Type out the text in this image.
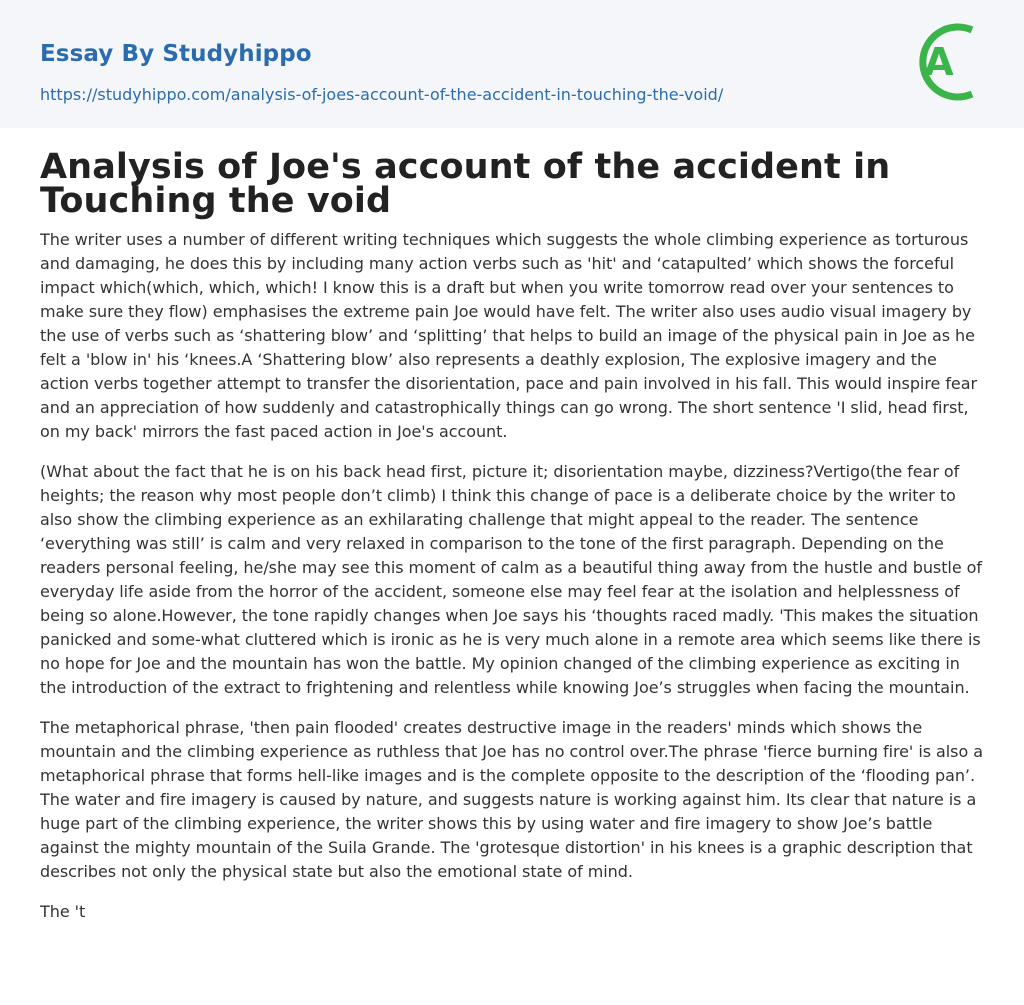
Essay By Studyhippo
https://studyhippo.com/analysis-of-joes-account-of-the-accident-in-touching-the-void/
A
Analysis of Joe's account of the accident in Touching the void

The writer uses a number of different writing techniques which suggests the whole climbing experience as torturous and damaging, he does this by including many action verbs such as 'hit' and ‘catapulted’ which shows the forceful impact which(which, which, which! I know this is a draft but when you write tomorrow read over your sentences to make sure they flow) emphasises the extreme pain Joe would have felt. The writer also uses audio visual imagery by the use of verbs such as ‘shattering blow’ and ‘splitting’ that helps to build an image of the physical pain in Joe as he felt a 'blow in' his ‘knees.A ‘Shattering blow’ also represents a deathly explosion, The explosive imagery and the action verbs together attempt to transfer the disorientation, pace and pain involved in his fall. This would inspire fear and an appreciation of how suddenly and catastrophically things can go wrong. The short sentence 'I slid, head first, on my back' mirrors the fast paced action in Joe's account.

(What about the fact that he is on his back head first, picture it; disorientation maybe, dizziness?Vertigo(the fear of heights; the reason why most people don’t climb) I think this change of pace is a deliberate choice by the writer to also show the climbing experience as an exhilarating challenge that might appeal to the reader. The sentence ‘everything was still’ is calm and very relaxed in comparison to the tone of the first paragraph. Depending on the readers personal feeling, he/she may see this moment of calm as a beautiful thing away from the hustle and bustle of everyday life aside from the horror of the accident, someone else may feel fear at the isolation and helplessness of being so alone.However, the tone rapidly changes when Joe says his ‘thoughts raced madly. 'This makes the situation panicked and some-what cluttered which is ironic as he is very much alone in a remote area which seems like there is no hope for Joe and the mountain has won the battle. My opinion changed of the climbing experience as exciting in the introduction of the extract to frightening and relentless while knowing Joe’s struggles when facing the mountain.

The metaphorical phrase, 'then pain flooded' creates destructive image in the readers' minds which shows the mountain and the climbing experience as ruthless that Joe has no control over.The phrase 'fierce burning fire' is also a metaphorical phrase that forms hell-like images and is the complete opposite to the description of the ‘flooding pan’. The water and fire imagery is caused by nature, and suggests nature is working against him. Its clear that nature is a huge part of the climbing experience, the writer shows this by using water and fire imagery to show Joe’s battle against the mighty mountain of the Suila Grande. The 'grotesque distortion' in his knees is a graphic description that describes not only the physical state but also the emotional state of mind.

The 't
